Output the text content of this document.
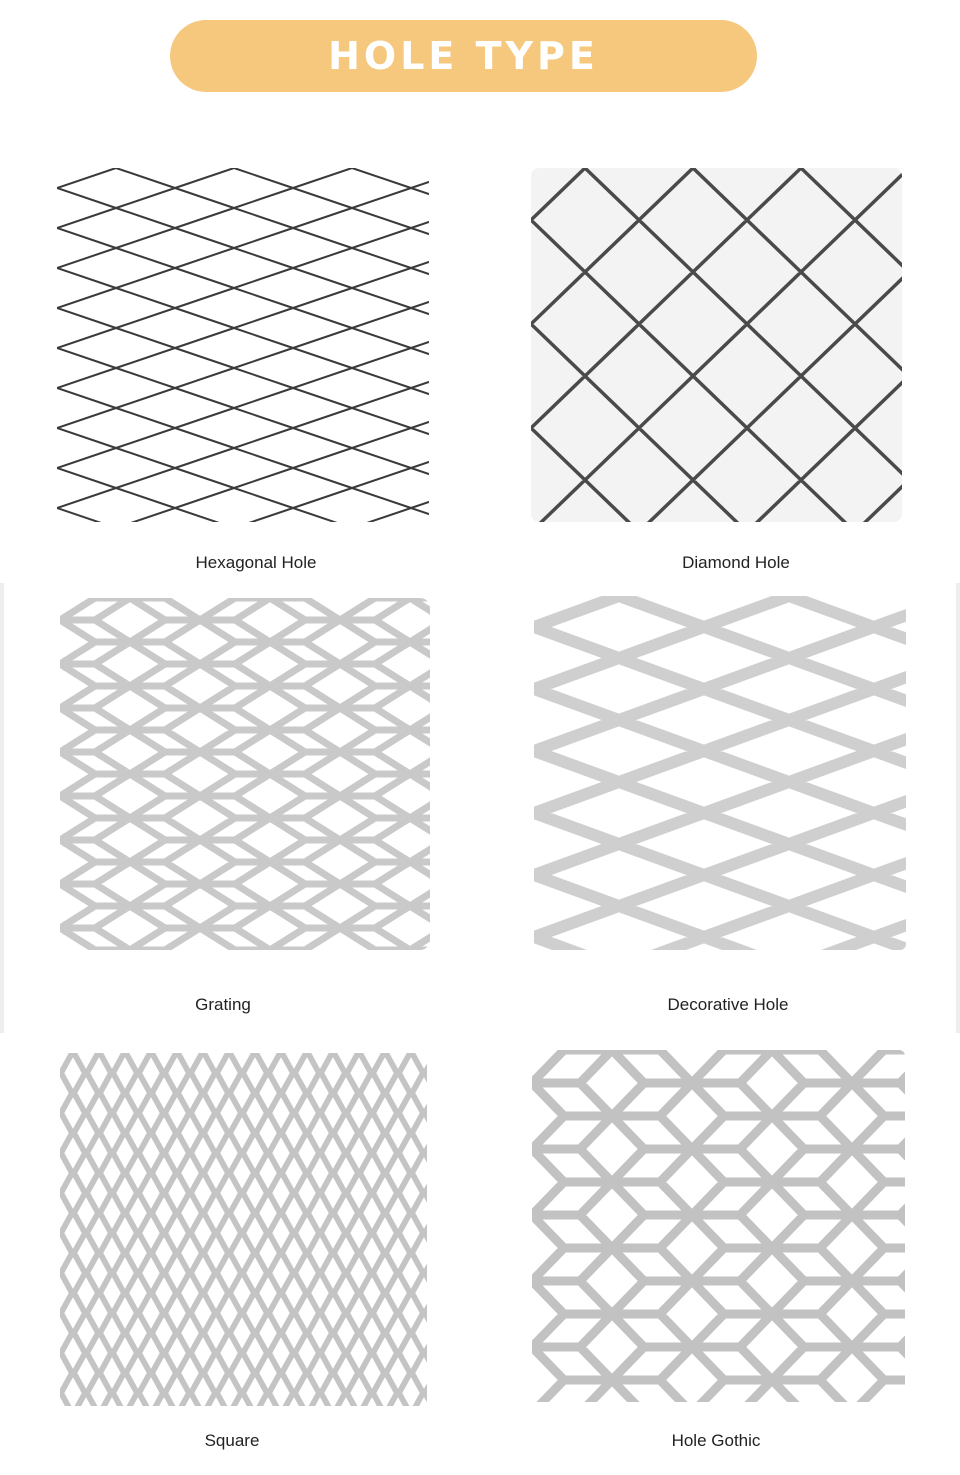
HOLE TYPE
Hexagonal Hole	Diamond Hole
Grating	Decorative Hole
Square	Hole Gothic
